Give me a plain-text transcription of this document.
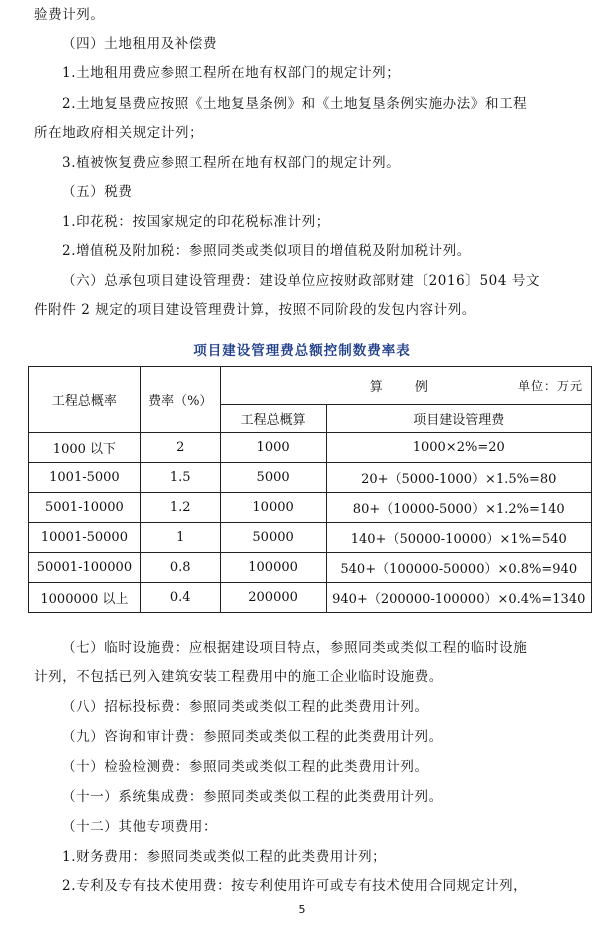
验费计列。
（四）土地租用及补偿费
1.土地租用费应参照工程所在地有权部门的规定计列；
2.土地复垦费应按照《土地复垦条例》和《土地复垦条例实施办法》和工程
所在地政府相关规定计列；
3.植被恢复费应参照工程所在地有权部门的规定计列。
（五）税费
1.印花税：按国家规定的印花税标准计列；
2.增值税及附加税：参照同类或类似项目的增值税及附加税计列。
（六）总承包项目建设管理费：建设单位应按财政部财建〔2016〕504 号文
件附件 2 规定的项目建设管理费计算，按照不同阶段的发包内容计列。
项目建设管理费总额控制数费率表
工程总概率	费率（%）	算 例 单位：万元	

		工程总概算	项目建设管理费
1000 以下	2	1000	1000×2%=20
1001-5000	1.5	5000	20+（5000-1000）×1.5%=80
5001-10000	1.2	10000	80+（10000-5000）×1.2%=140
10001-50000	1	50000	140+（50000-10000）×1%=540
50001-100000	0.8	100000	540+（100000-50000）×0.8%=940
1000000 以上	0.4	200000	940+（200000-100000）×0.4%=1340
（七）临时设施费：应根据建设项目特点，参照同类或类似工程的临时设施
计列，不包括已列入建筑安装工程费用中的施工企业临时设施费。
（八）招标投标费：参照同类或类似工程的此类费用计列。
（九）咨询和审计费：参照同类或类似工程的此类费用计列。
（十）检验检测费：参照同类或类似工程的此类费用计列。
（十一）系统集成费：参照同类或类似工程的此类费用计列。
（十二）其他专项费用：
1.财务费用：参照同类或类似工程的此类费用计列；
2.专利及专有技术使用费：按专利使用许可或专有技术使用合同规定计列，
5
